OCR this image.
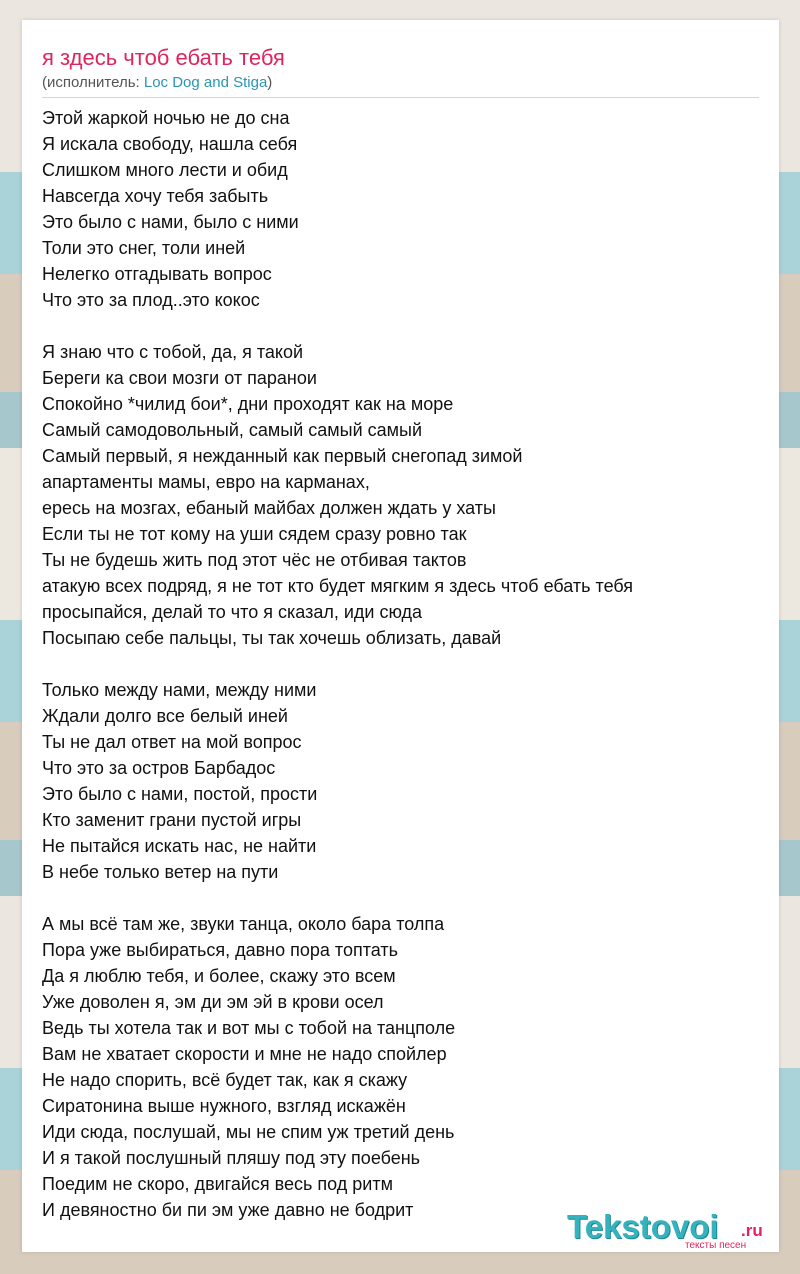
я здесь чтоб ебать тебя
(исполнитель: Loc Dog and Stiga)
Этой жаркой ночью не до сна
Я искала свободу, нашла себя
Слишком много лести и обид
Навсегда хочу тебя забыть
Это было с нами, было с ними
Толи это снег, толи иней
Нелегко отгадывать вопрос
Что это за плод..это кокос
Я знаю что с тобой, да, я такой
Береги ка свои мозги от паранои
Спокойно *чилид бои*, дни проходят как на море
Самый самодовольный, самый самый самый
Самый первый, я нежданный как первый снегопад зимой
апартаменты мамы, евро на карманах,
ересь на мозгах, ебаный майбах должен ждать у хаты
Если ты не тот кому на уши сядем сразу ровно так
Ты не будешь жить под этот чёс не отбивая тактов
атакую всех подряд, я не тот кто будет мягким я здесь чтоб ебать тебя
просыпайся, делай то что я сказал, иди сюда
Посыпаю себе пальцы, ты так хочешь облизать, давай
Только между нами, между ними
Ждали долго все белый иней
Ты не дал ответ на мой вопрос
Что это за остров Барбадос
Это было с нами, постой, прости
Кто заменит грани пустой игры
Не пытайся искать нас, не найти
В небе только ветер на пути
А мы всё там же, звуки танца, около бара толпа
Пора уже выбираться, давно пора топтать
Да я люблю тебя, и более, скажу это всем
Уже доволен я, эм ди эм эй в крови осел
Ведь ты хотела так и вот мы с тобой на танцполе
Вам не хватает скорости и мне не надо спойлер
Не надо спорить, всё будет так, как я скажу
Сиратонина выше нужного, взгляд искажён
Иди сюда, послушай, мы не спим уж третий день
И я такой послушный пляшу под эту поебень
Поедим не скоро, двигайся весь под ритм
И девяностно би пи эм уже давно не бодрит	Tekstovoi .ru
тексты песен
